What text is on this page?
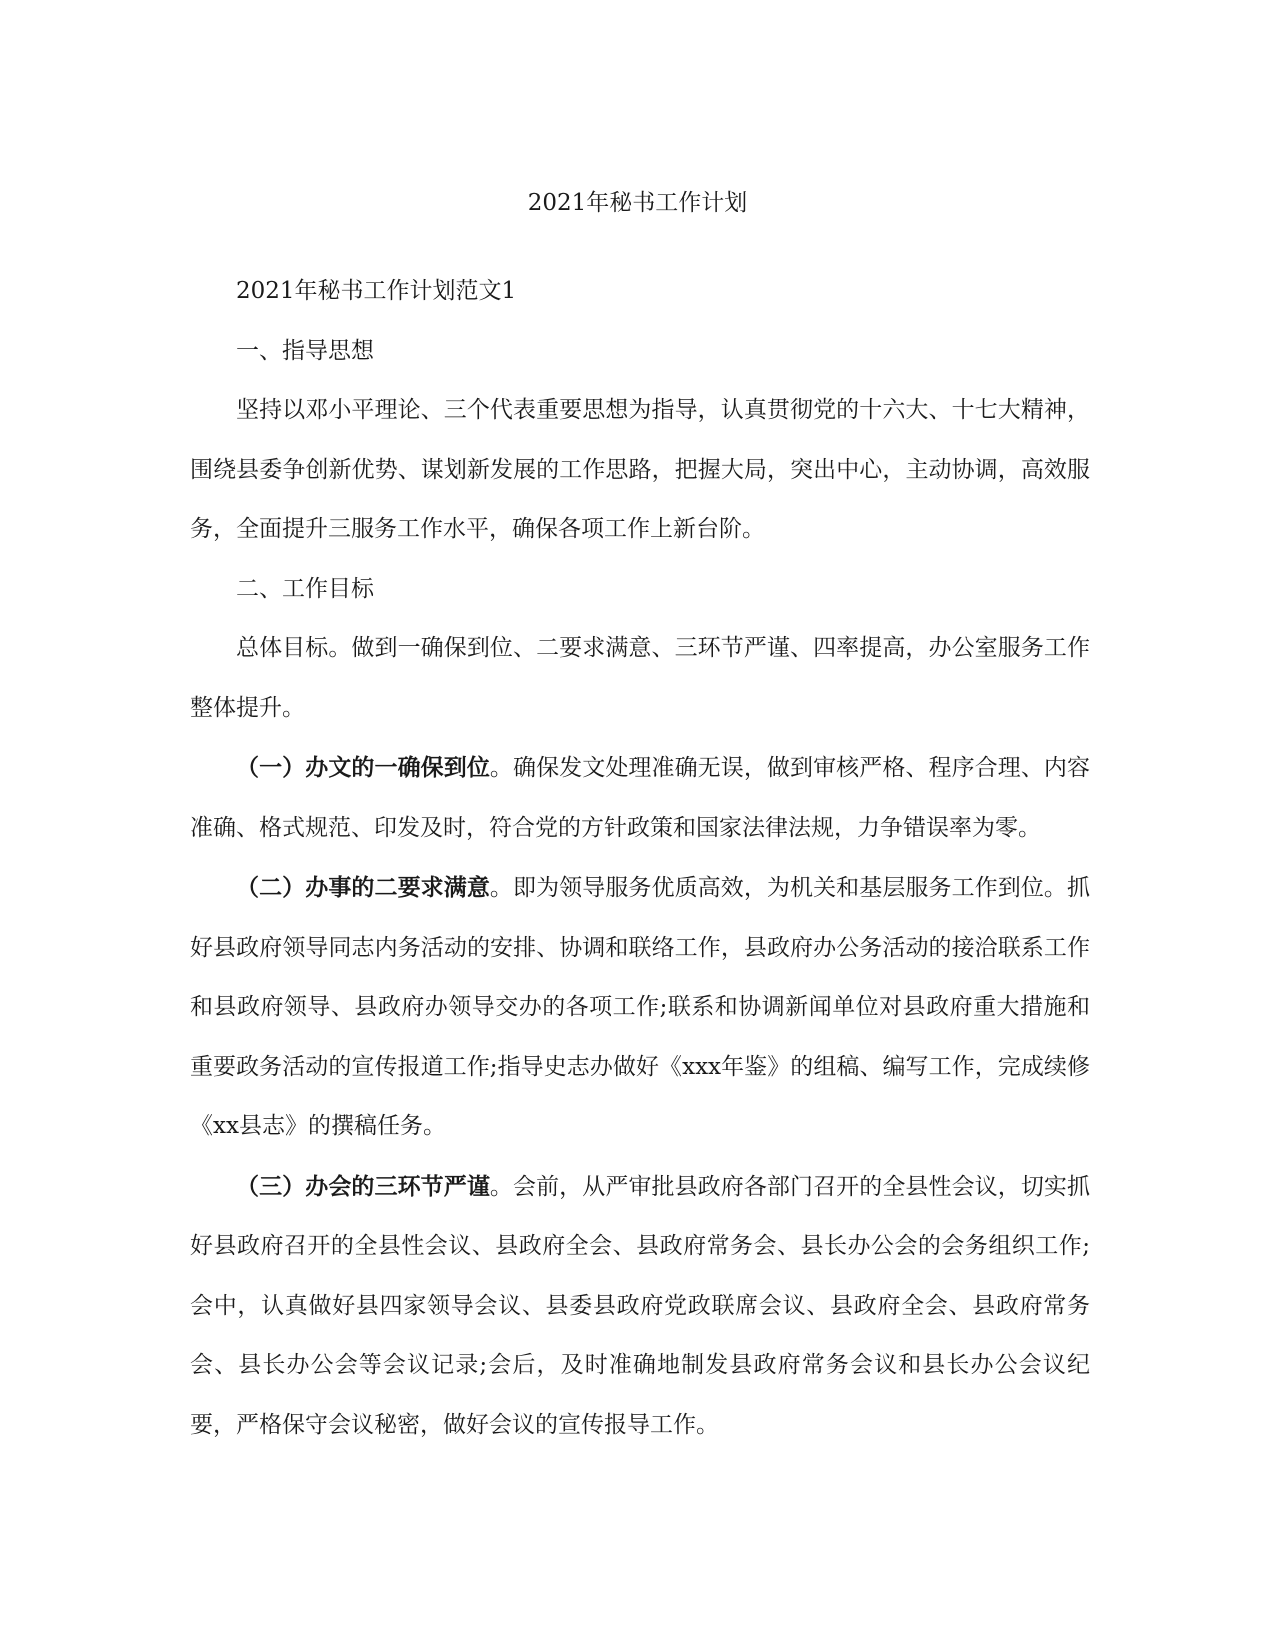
2021年秘书工作计划

2021年秘书工作计划范文1

一、指导思想

坚持以邓小平理论、三个代表重要思想为指导，认真贯彻党的十六大、十七大精神，围绕县委争创新优势、谋划新发展的工作思路，把握大局，突出中心，主动协调，高效服务，全面提升三服务工作水平，确保各项工作上新台阶。

二、工作目标

总体目标。做到一确保到位、二要求满意、三环节严谨、四率提高，办公室服务工作整体提升。

（一）办文的一确保到位。确保发文处理准确无误，做到审核严格、程序合理、内容准确、格式规范、印发及时，符合党的方针政策和国家法律法规，力争错误率为零。

（二）办事的二要求满意。即为领导服务优质高效，为机关和基层服务工作到位。抓好县政府领导同志内务活动的安排、协调和联络工作，县政府办公务活动的接洽联系工作和县政府领导、县政府办领导交办的各项工作;联系和协调新闻单位对县政府重大措施和重要政务活动的宣传报道工作;指导史志办做好《xxx年鉴》的组稿、编写工作，完成续修《xx县志》的撰稿任务。

（三）办会的三环节严谨。会前，从严审批县政府各部门召开的全县性会议，切实抓好县政府召开的全县性会议、县政府全会、县政府常务会、县长办公会的会务组织工作;会中，认真做好县四家领导会议、县委县政府党政联席会议、县政府全会、县政府常务会、县长办公会等会议记录;会后，及时准确地制发县政府常务会议和县长办公会议纪要，严格保守会议秘密，做好会议的宣传报导工作。
